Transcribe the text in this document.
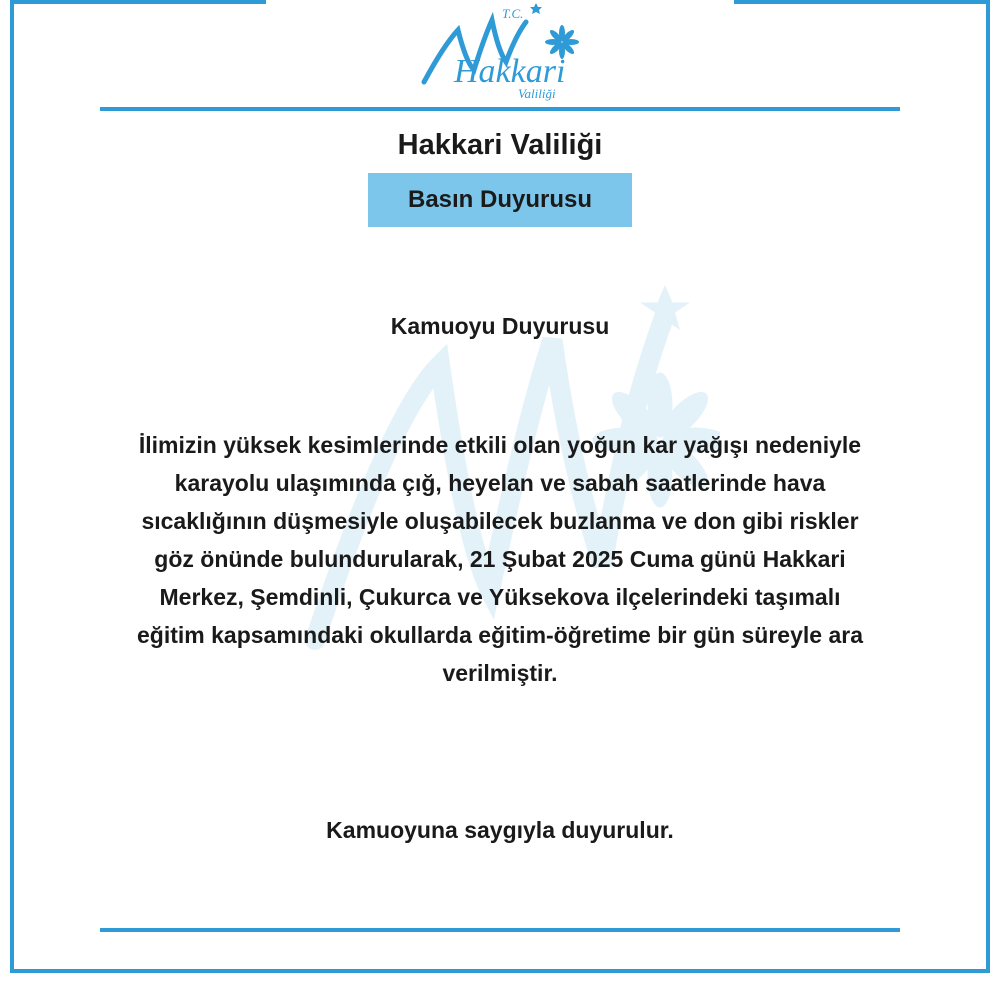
T.C.
Hakkari
Valiliği
Hakkari Valiliği
Basın Duyurusu
Kamuoyu Duyurusu
İlimizin yüksek kesimlerinde etkili olan yoğun kar yağışı nedeniyle
karayolu ulaşımında çığ, heyelan ve sabah saatlerinde hava
sıcaklığının düşmesiyle oluşabilecek buzlanma ve don gibi riskler
göz önünde bulundurularak, 21 Şubat 2025 Cuma günü Hakkari
Merkez, Şemdinli, Çukurca ve Yüksekova ilçelerindeki taşımalı
eğitim kapsamındaki okullarda eğitim-öğretime bir gün süreyle ara
verilmiştir.
Kamuoyuna saygıyla duyurulur.
